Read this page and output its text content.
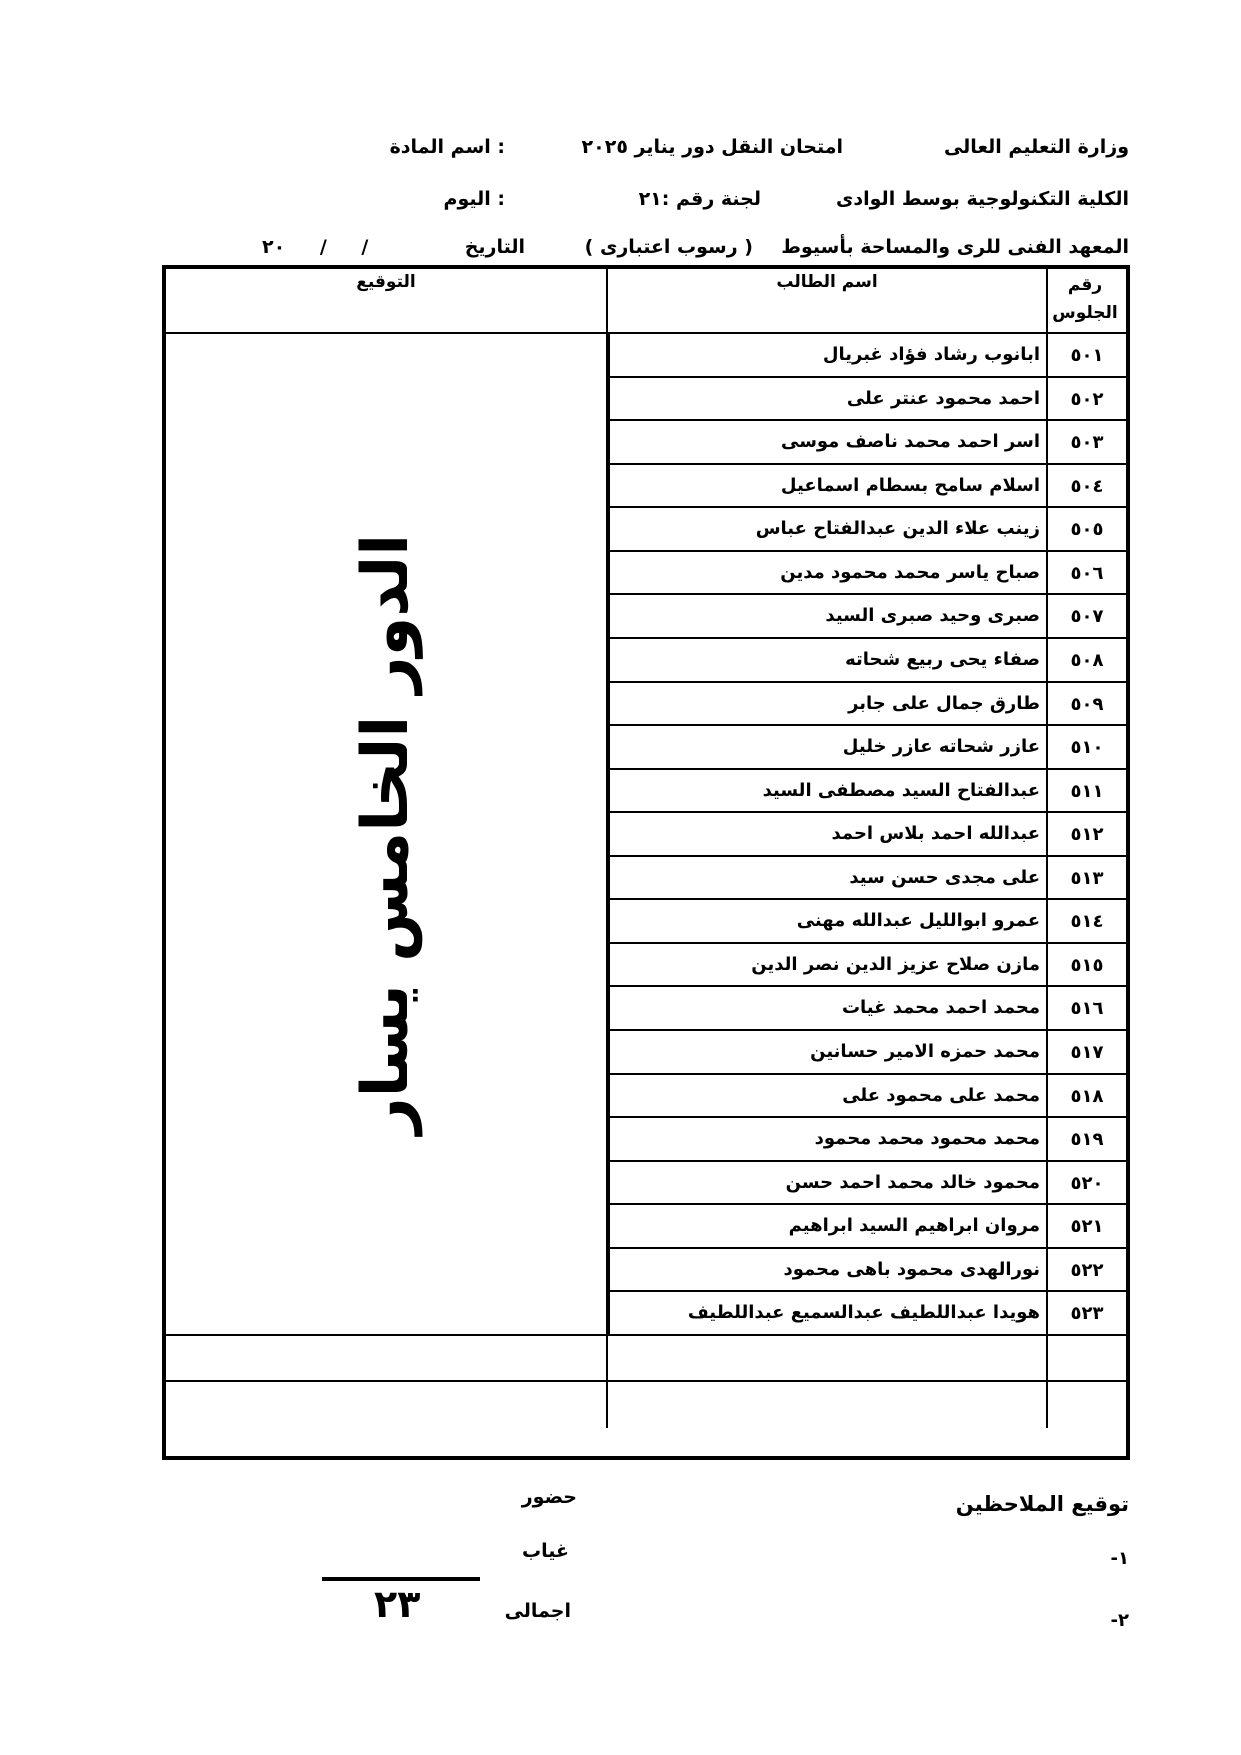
وزارة التعليم العالى
امتحان النقل دور يناير ٢٠٢٥
اسم المادة :
الكلية التكنولوجية بوسط الوادى
لجنة رقم :٢١
اليوم :
المعهد الفنى للرى والمساحة بأسيوط
( رسوب اعتبارى )
التاريخ
٢٠ / /
رقم الجلوس
اسم الطالب
التوقيع
٥٠١
ابانوب رشاد فؤاد غبريال
٥٠٢
احمد محمود عنتر على
٥٠٣
اسر احمد محمد ناصف موسى
٥٠٤
اسلام سامح بسطام اسماعيل
٥٠٥
زينب علاء الدين عبدالفتاح عباس
٥٠٦
صباح ياسر محمد محمود مدين
٥٠٧
صبرى وحيد صبرى السيد
٥٠٨
صفاء يحى ربيع شحاته
٥٠٩
طارق جمال على جابر
٥١٠
عازر شحاته عازر خليل
٥١١
عبدالفتاح السيد مصطفى السيد
٥١٢
عبدالله احمد بلاس احمد
٥١٣
على مجدى حسن سيد
٥١٤
عمرو ابوالليل عبدالله مهنى
٥١٥
مازن صلاح عزيز الدين نصر الدين
٥١٦
محمد احمد محمد غيات
٥١٧
محمد حمزه الامير حسانين
٥١٨
محمد على محمود على
٥١٩
محمد محمود محمد محمود
٥٢٠
محمود خالد محمد احمد حسن
٥٢١
مروان ابراهيم السيد ابراهيم
٥٢٢
نورالهدى محمود باهى محمود
٥٢٣
هويدا عبداللطيف عبدالسميع عبداللطيف
الدور الخامس يسار
توقيع الملاحظين
-١
-٢
حضور
غياب
اجمالى
٢٣
